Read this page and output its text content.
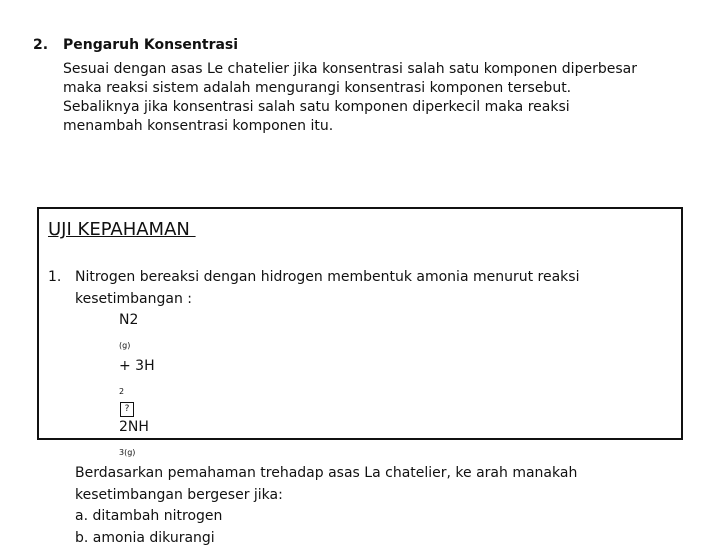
2. Pengaruh Konsentrasi
Sesuai dengan asas Le chatelier jika konsentrasi salah satu komponen diperbesar
maka reaksi sistem adalah mengurangi konsentrasi komponen tersebut.
Sebaliknya jika konsentrasi salah satu komponen diperkecil maka reaksi
menambah konsentrasi komponen itu.
UJI KEPAHAMAN
1. Nitrogen bereaksi dengan hidrogen membentuk amonia menurut reaksi
kesetimbangan :
N2
$_{(g)}$
+ 3H
$_2$
?
2NH
$_{3(g)}$
Berdasarkan pemahaman trehadap asas La chatelier, ke arah manakah
kesetimbangan bergeser jika:
a. ditambah nitrogen
b. amonia dikurangi
